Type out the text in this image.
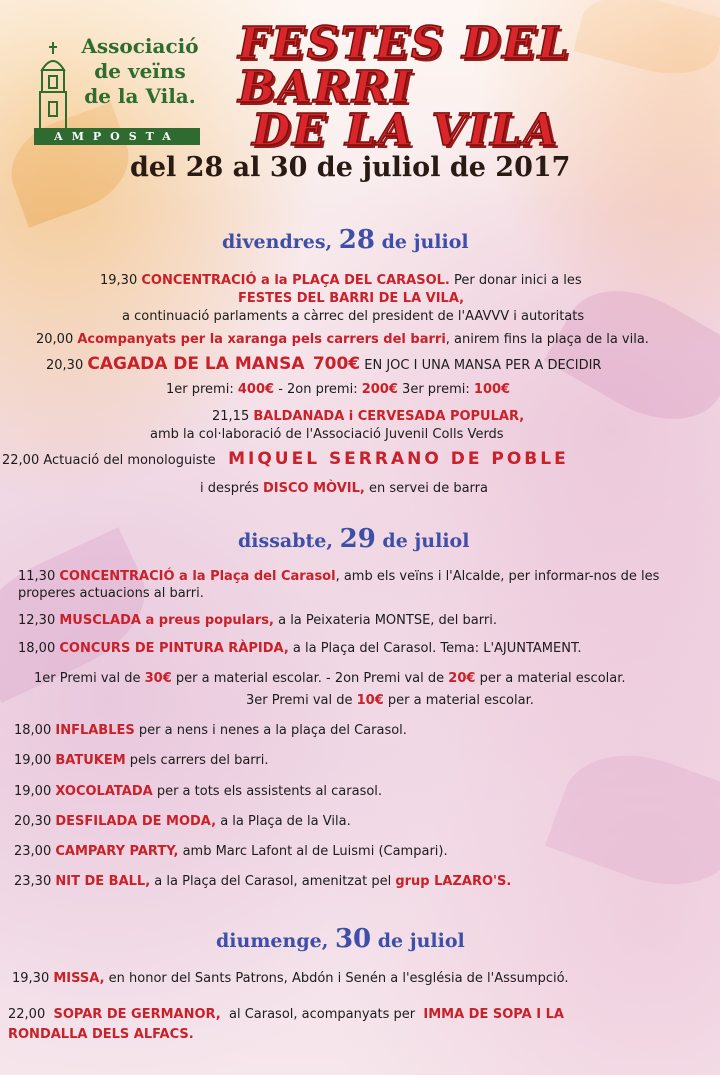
Associació
de veïns
de la Vila.
AMPOSTA
FESTES DEL
BARRI
DE LA VILA
del 28 al 30 de juliol de 2017
divendres, 28 de juliol
19,30 CONCENTRACIÓ a la PLAÇA DEL CARASOL. Per donar inici a les
FESTES DEL BARRI DE LA VILA,
a continuació parlaments a càrrec del president de l'AAVVV i autoritats
20,00 Acompanyats per la xaranga pels carrers del barri, anirem fins la plaça de la vila.
20,30 CAGADA DE LA MANSA 700€ EN JOC I UNA MANSA PER A DECIDIR
1er premi: 400€ - 2on premi: 200€ 3er premi: 100€
21,15 BALDANADA i CERVESADA POPULAR,
amb la col·laboració de l'Associació Juvenil Colls Verds
22,00 Actuació del monologuiste MIQUEL SERRANO DE POBLE
i després DISCO MÒVIL, en servei de barra
dissabte, 29 de juliol
11,30 CONCENTRACIÓ a la Plaça del Carasol, amb els veïns i l'Alcalde, per informar-nos de les
properes actuacions al barri.
12,30 MUSCLADA a preus populars, a la Peixateria MONTSE, del barri.
18,00 CONCURS DE PINTURA RÀPIDA, a la Plaça del Carasol. Tema: L'AJUNTAMENT.
1er Premi val de 30€ per a material escolar. - 2on Premi val de 20€ per a material escolar.
3er Premi val de 10€ per a material escolar.
18,00 INFLABLES per a nens i nenes a la plaça del Carasol.
19,00 BATUKEM pels carrers del barri.
19,00 XOCOLATADA per a tots els assistents al carasol.
20,30 DESFILADA DE MODA, a la Plaça de la Vila.
23,00 CAMPARY PARTY, amb Marc Lafont al de Luismi (Campari).
23,30 NIT DE BALL, a la Plaça del Carasol, amenitzat pel grup LAZARO'S.
diumenge, 30 de juliol
19,30 MISSA, en honor del Sants Patrons, Abdón i Senén a l'església de l'Assumpció.
22,00 SOPAR DE GERMANOR, al Carasol, acompanyats per IMMA DE SOPA I LA
RONDALLA DELS ALFACS.
